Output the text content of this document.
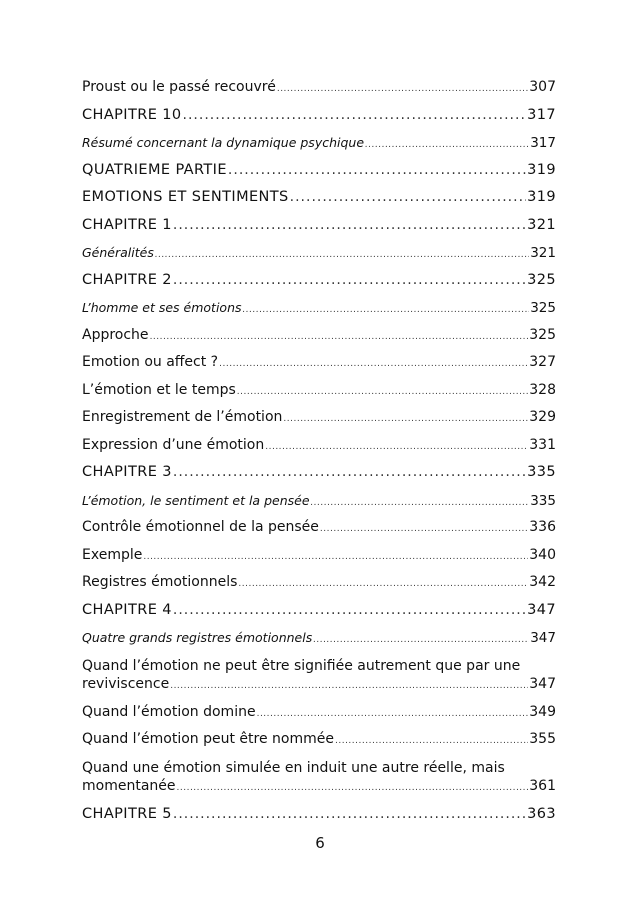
Proust ou le passé recouvré .....	307
CHAPITRE 10 .....	317
Résumé concernant la dynamique psychique .....	317
QUATRIEME PARTIE .....	319
EMOTIONS ET SENTIMENTS .....	319
CHAPITRE 1 .....	321
Généralités .....	321
CHAPITRE 2 .....	325
L’homme et ses émotions .....	325
Approche .....	325
Emotion ou affect ? .....	327
L’émotion et le temps .....	328
Enregistrement de l’émotion .....	329
Expression d’une émotion .....	331
CHAPITRE 3 .....	335
L’émotion, le sentiment et la pensée .....	335
Contrôle émotionnel de la pensée .....	336
Exemple .....	340
Registres émotionnels .....	342
CHAPITRE 4 .....	347
Quatre grands registres émotionnels .....	347
Quand l’émotion ne peut être signifiée autrement que par une
reviviscence .....	347
Quand l’émotion domine .....	349
Quand l’émotion peut être nommée .....	355
Quand une émotion simulée en induit une autre réelle, mais
momentanée .....	361
CHAPITRE 5 .....	363
6
